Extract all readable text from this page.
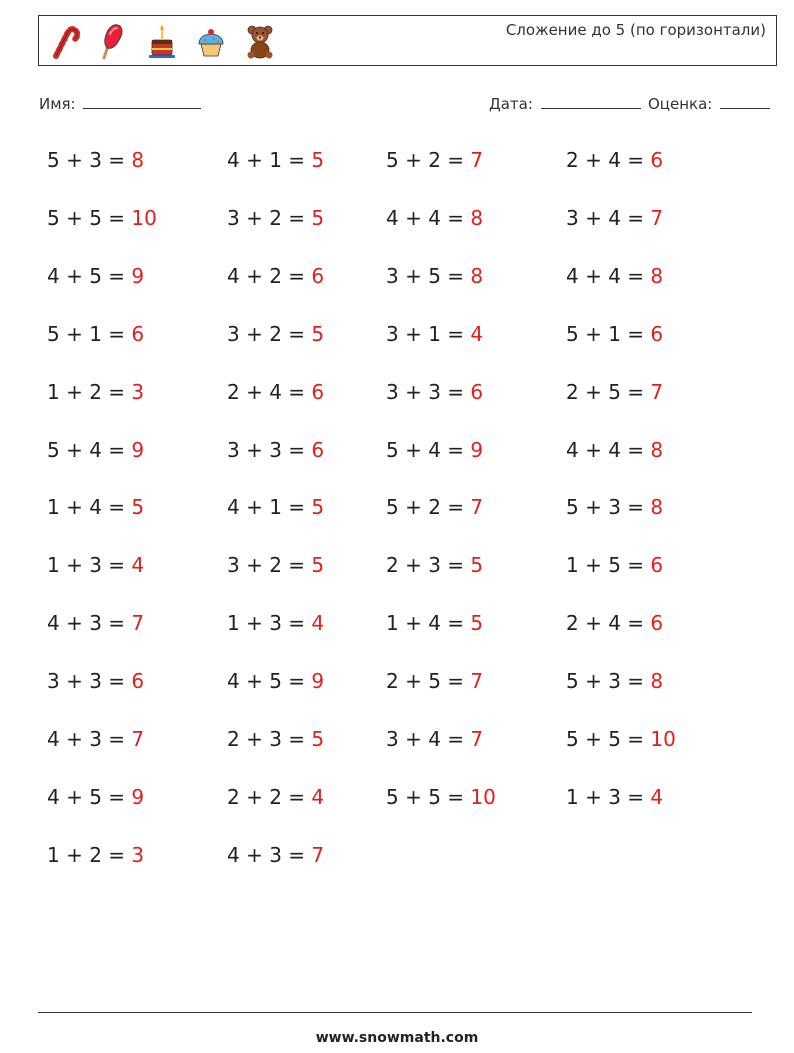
Сложение до 5 (по горизонтали)
Имя:	Дата:	Оценка:
5 + 3 = 8	4 + 1 = 5	5 + 2 = 7	2 + 4 = 6
5 + 5 = 10	3 + 2 = 5	4 + 4 = 8	3 + 4 = 7
4 + 5 = 9	4 + 2 = 6	3 + 5 = 8	4 + 4 = 8
5 + 1 = 6	3 + 2 = 5	3 + 1 = 4	5 + 1 = 6
1 + 2 = 3	2 + 4 = 6	3 + 3 = 6	2 + 5 = 7
5 + 4 = 9	3 + 3 = 6	5 + 4 = 9	4 + 4 = 8
1 + 4 = 5	4 + 1 = 5	5 + 2 = 7	5 + 3 = 8
1 + 3 = 4	3 + 2 = 5	2 + 3 = 5	1 + 5 = 6
4 + 3 = 7	1 + 3 = 4	1 + 4 = 5	2 + 4 = 6
3 + 3 = 6	4 + 5 = 9	2 + 5 = 7	5 + 3 = 8
4 + 3 = 7	2 + 3 = 5	3 + 4 = 7	5 + 5 = 10
4 + 5 = 9	2 + 2 = 4	5 + 5 = 10	1 + 3 = 4
1 + 2 = 3	4 + 3 = 7
www.snowmath.com
